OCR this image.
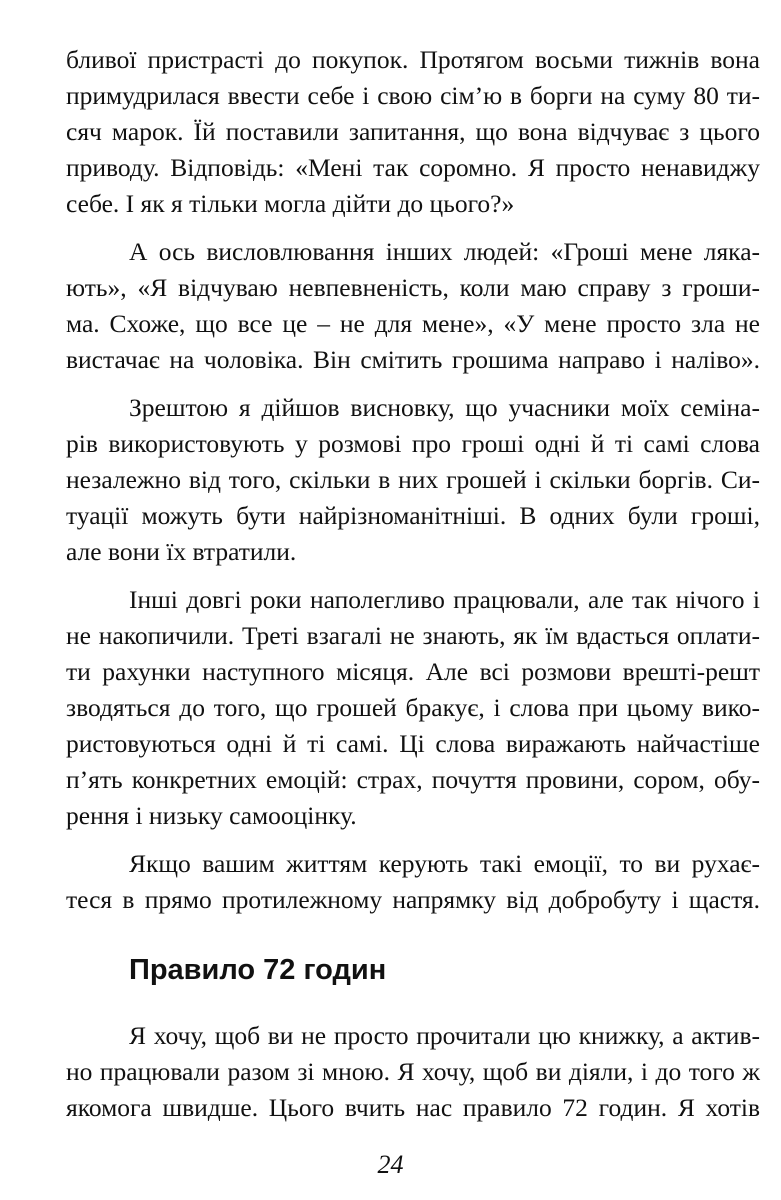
бливої пристрасті до покупок. Протягом восьми тижнів вона

примудрилася ввести себе і свою сім’ю в борги на суму 80 ти-

сяч марок. Їй поставили запитання, що вона відчуває з цього

приводу. Відповідь: «Мені так соромно. Я просто ненавиджу

себе. І як я тільки могла дійти до цього?»

А ось висловлювання інших людей: «Гроші мене ляка-

ють», «Я відчуваю невпевненість, коли маю справу з гроши-

ма. Схоже, що все це – не для мене», «У мене просто зла не

вистачає на чоловіка. Він смітить грошима направо і наліво».

Зрештою я дійшов висновку, що учасники моїх семіна-

рів використовують у розмові про гроші одні й ті самі слова

незалежно від того, скільки в них грошей і скільки боргів. Си-

туації можуть бути найрізноманітніші. В одних були гроші,

але вони їх втратили.

Інші довгі роки наполегливо працювали, але так нічого і

не накопичили. Треті взагалі не знають, як їм вдасться оплати-

ти рахунки наступного місяця. Але всі розмови врешті-решт

зводяться до того, що грошей бракує, і слова при цьому вико-

ристовуються одні й ті самі. Ці слова виражають найчастіше

п’ять конкретних емоцій: страх, почуття провини, сором, обу-

рення і низьку самооцінку.

Якщо вашим життям керують такі емоції, то ви рухає-

теся в прямо протилежному напрямку від добробуту і щастя.

Правило 72 годин

Я хочу, щоб ви не просто прочитали цю книжку, а актив-

но працювали разом зі мною. Я хочу, щоб ви діяли, і до того ж

якомога швидше. Цього вчить нас правило 72 годин. Я хотів

24
